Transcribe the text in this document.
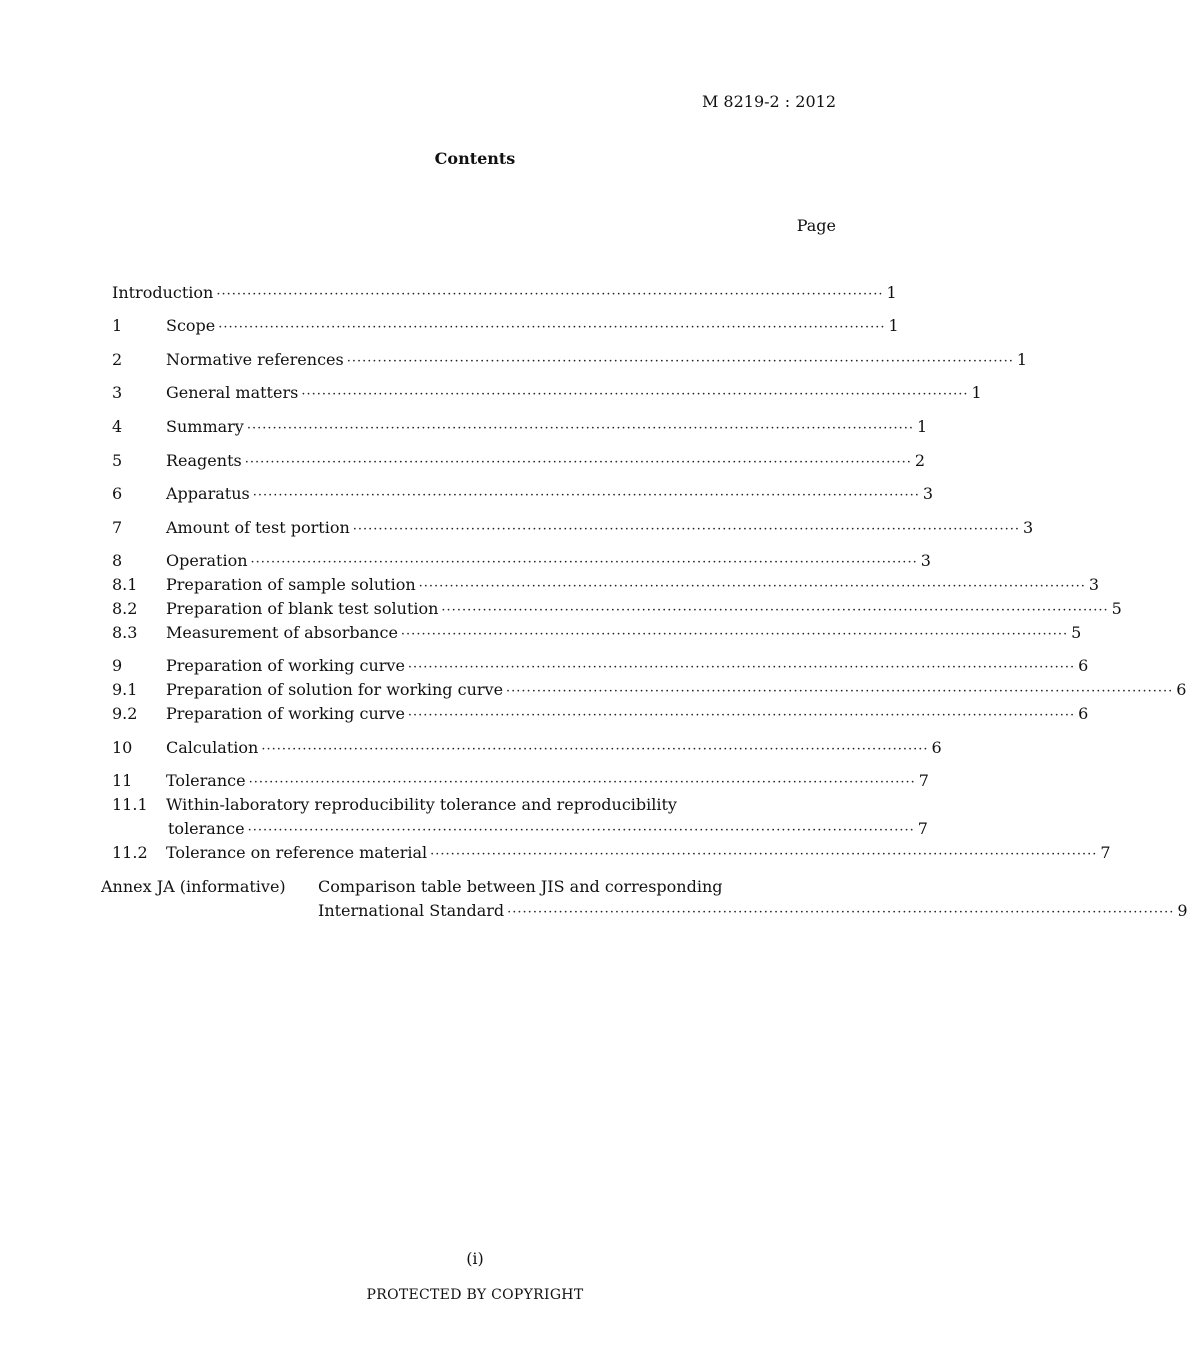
M 8219-2 : 2012
Contents
Page
Introduction ·································································································································· 1
1	Scope ·································································································································· 1
2	Normative references ·································································································································· 1
3	General matters ·································································································································· 1
4	Summary ·································································································································· 1
5	Reagents ·································································································································· 2
6	Apparatus ·································································································································· 3
7	Amount of test portion ·································································································································· 3
8	Operation ·································································································································· 3
8.1	Preparation of sample solution ·································································································································· 3
8.2	Preparation of blank test solution ·································································································································· 5
8.3	Measurement of absorbance ·································································································································· 5
9	Preparation of working curve ·································································································································· 6
9.1	Preparation of solution for working curve ·································································································································· 6
9.2	Preparation of working curve ·································································································································· 6
10	Calculation ·································································································································· 6
11	Tolerance ·································································································································· 7
11.1	Within-laboratory reproducibility tolerance and reproducibility
tolerance ·································································································································· 7
11.2	Tolerance on reference material ·································································································································· 7
Annex JA (informative)	Comparison table between JIS and corresponding
International Standard ·································································································································· 9
(i)
PROTECTED BY COPYRIGHT
